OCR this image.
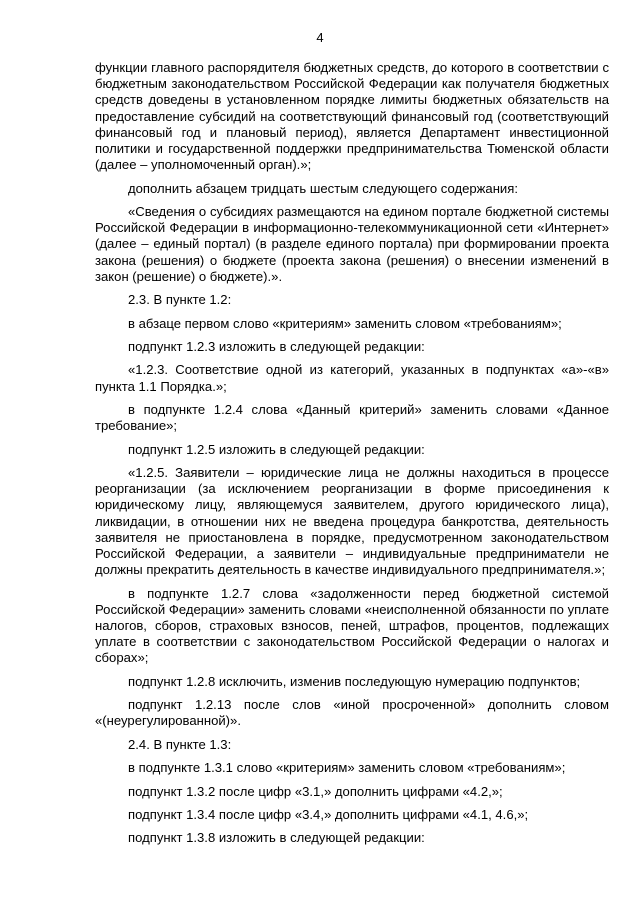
4

функции главного распорядителя бюджетных средств, до которого в соответствии с бюджетным законодательством Российской Федерации как получателя бюджетных средств доведены в установленном порядке лимиты бюджетных обязательств на предоставление субсидий на соответствующий финансовый год (соответствующий финансовый год и плановый период), является Департамент инвестиционной политики и государственной поддержки предпринимательства Тюменской области (далее – уполномоченный орган).»;

дополнить абзацем тридцать шестым следующего содержания:

«Сведения о субсидиях размещаются на едином портале бюджетной системы Российской Федерации в информационно-телекоммуникационной сети «Интернет» (далее – единый портал) (в разделе единого портала) при формировании проекта закона (решения) о бюджете (проекта закона (решения) о внесении изменений в закон (решение) о бюджете).».

2.3. В пункте 1.2:

в абзаце первом слово «критериям» заменить словом «требованиям»;

подпункт 1.2.3 изложить в следующей редакции:

«1.2.3. Соответствие одной из категорий, указанных в подпунктах «а»-«в» пункта 1.1 Порядка.»;

в подпункте 1.2.4 слова «Данный критерий» заменить словами «Данное требование»;

подпункт 1.2.5 изложить в следующей редакции:

«1.2.5. Заявители – юридические лица не должны находиться в процессе реорганизации (за исключением реорганизации в форме присоединения к юридическому лицу, являющемуся заявителем, другого юридического лица), ликвидации, в отношении них не введена процедура банкротства, деятельность заявителя не приостановлена в порядке, предусмотренном законодательством Российской Федерации, а заявители – индивидуальные предприниматели не должны прекратить деятельность в качестве индивидуального предпринимателя.»;

в подпункте 1.2.7 слова «задолженности перед бюджетной системой Российской Федерации» заменить словами «неисполненной обязанности по уплате налогов, сборов, страховых взносов, пеней, штрафов, процентов, подлежащих уплате в соответствии с законодательством Российской Федерации о налогах и сборах»;

подпункт 1.2.8 исключить, изменив последующую нумерацию подпунктов;

подпункт 1.2.13 после слов «иной просроченной» дополнить словом «(неурегулированной)».

2.4. В пункте 1.3:

в подпункте 1.3.1 слово «критериям» заменить словом «требованиям»;

подпункт 1.3.2 после цифр «3.1,» дополнить цифрами «4.2,»;

подпункт 1.3.4 после цифр «3.4,» дополнить цифрами «4.1, 4.6,»;

подпункт 1.3.8 изложить в следующей редакции:
